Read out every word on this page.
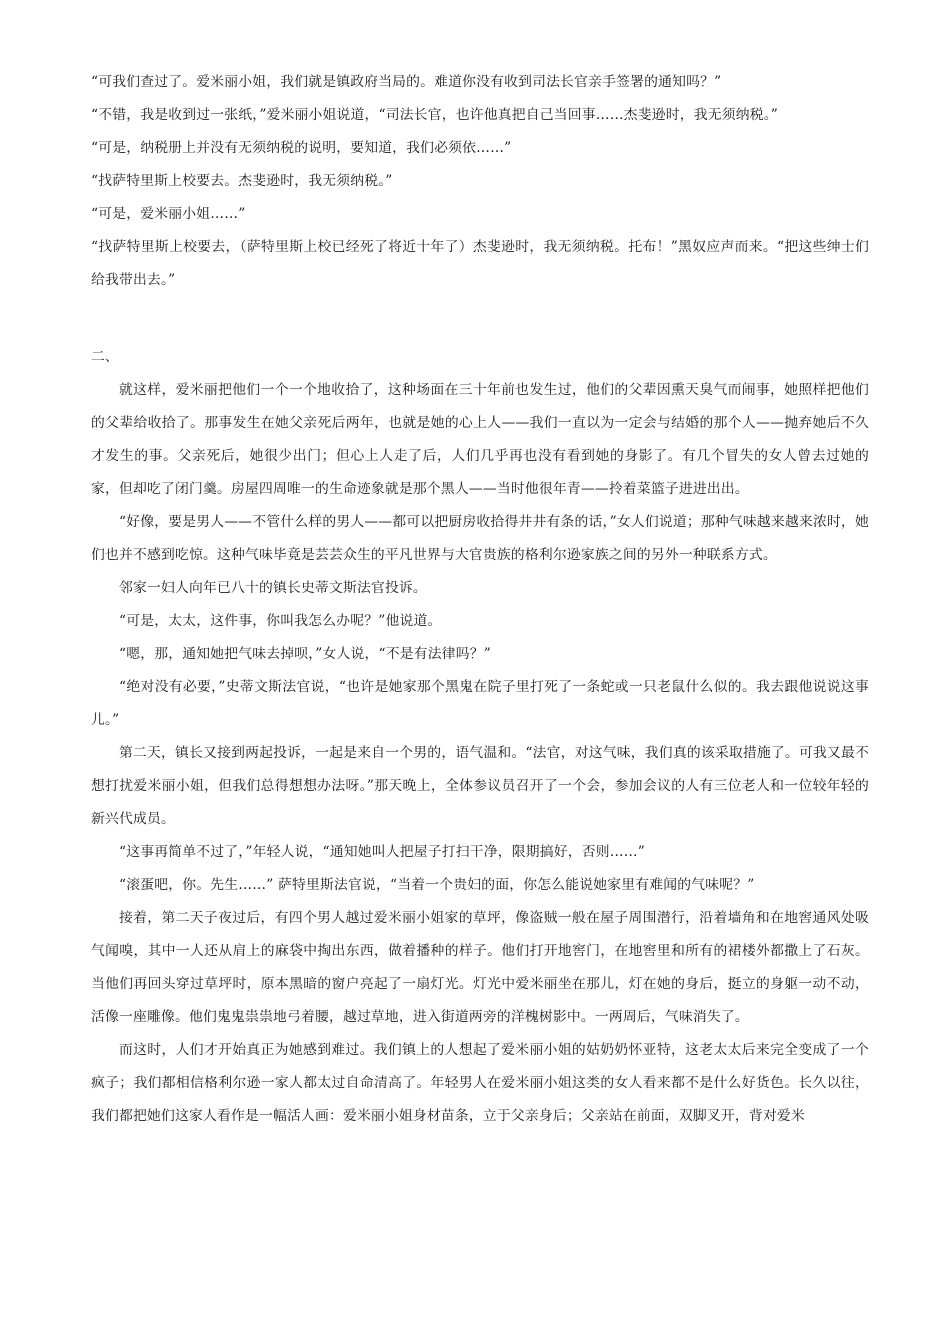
“可我们查过了。爱米丽小姐，我们就是镇政府当局的。难道你没有收到司法长官亲手签署的通知吗？”

“不错，我是收到过一张纸，”爱米丽小姐说道，“司法长官，也许他真把自己当回事……杰斐逊时，我无须纳税。”

“可是，纳税册上并没有无须纳税的说明，要知道，我们必须依……”

“找萨特里斯上校要去。杰斐逊时，我无须纳税。”

“可是，爱米丽小姐……”

“找萨特里斯上校要去，（萨特里斯上校已经死了将近十年了）杰斐逊时，我无须纳税。托布！”黑奴应声而来。“把这些绅士们给我带出去。”

二、

就这样，爱米丽把他们一个一个地收拾了，这种场面在三十年前也发生过，他们的父辈因熏天臭气而闹事，她照样把他们的父辈给收拾了。那事发生在她父亲死后两年，也就是她的心上人——我们一直以为一定会与结婚的那个人——抛弃她后不久才发生的事。父亲死后，她很少出门；但心上人走了后，人们几乎再也没有看到她的身影了。有几个冒失的女人曾去过她的家，但却吃了闭门羹。房屋四周唯一的生命迹象就是那个黑人——当时他很年青——拎着菜篮子进进出出。

“好像，要是男人——不管什么样的男人——都可以把厨房收拾得井井有条的话，”女人们说道；那种气味越来越来浓时，她们也并不感到吃惊。这种气味毕竟是芸芸众生的平凡世界与大官贵族的格利尔逊家族之间的另外一种联系方式。

邻家一妇人向年已八十的镇长史蒂文斯法官投诉。

“可是，太太，这件事，你叫我怎么办呢？”他说道。

“嗯，那，通知她把气味去掉呗，”女人说，“不是有法律吗？”

“绝对没有必要，”史蒂文斯法官说，“也许是她家那个黑鬼在院子里打死了一条蛇或一只老鼠什么似的。我去跟他说说这事儿。”

第二天，镇长又接到两起投诉，一起是来自一个男的，语气温和。“法官，对这气味，我们真的该采取措施了。可我又最不想打扰爱米丽小姐，但我们总得想想办法呀。”那天晚上，全体参议员召开了一个会，参加会议的人有三位老人和一位较年轻的新兴代成员。

“这事再简单不过了，”年轻人说，“通知她叫人把屋子打扫干净，限期搞好，否则……”

“滚蛋吧，你。先生……” 萨特里斯法官说，“当着一个贵妇的面，你怎么能说她家里有难闻的气味呢？”

接着，第二天子夜过后，有四个男人越过爱米丽小姐家的草坪，像盗贼一般在屋子周围潜行，沿着墙角和在地窖通风处吸气闻嗅，其中一人还从肩上的麻袋中掏出东西，做着播种的样子。他们打开地窖门，在地窖里和所有的裙楼外都撒上了石灰。当他们再回头穿过草坪时，原本黑暗的窗户亮起了一扇灯光。灯光中爱米丽坐在那儿，灯在她的身后，挺立的身躯一动不动，活像一座雕像。他们鬼鬼祟祟地弓着腰，越过草地，进入街道两旁的洋槐树影中。一两周后，气味消失了。

而这时，人们才开始真正为她感到难过。我们镇上的人想起了爱米丽小姐的姑奶奶怀亚特，这老太太后来完全变成了一个疯子；我们都相信格利尔逊一家人都太过自命清高了。年轻男人在爱米丽小姐这类的女人看来都不是什么好货色。长久以往，我们都把她们这家人看作是一幅活人画：爱米丽小姐身材苗条，立于父亲身后；父亲站在前面，双脚叉开，背对爱米
